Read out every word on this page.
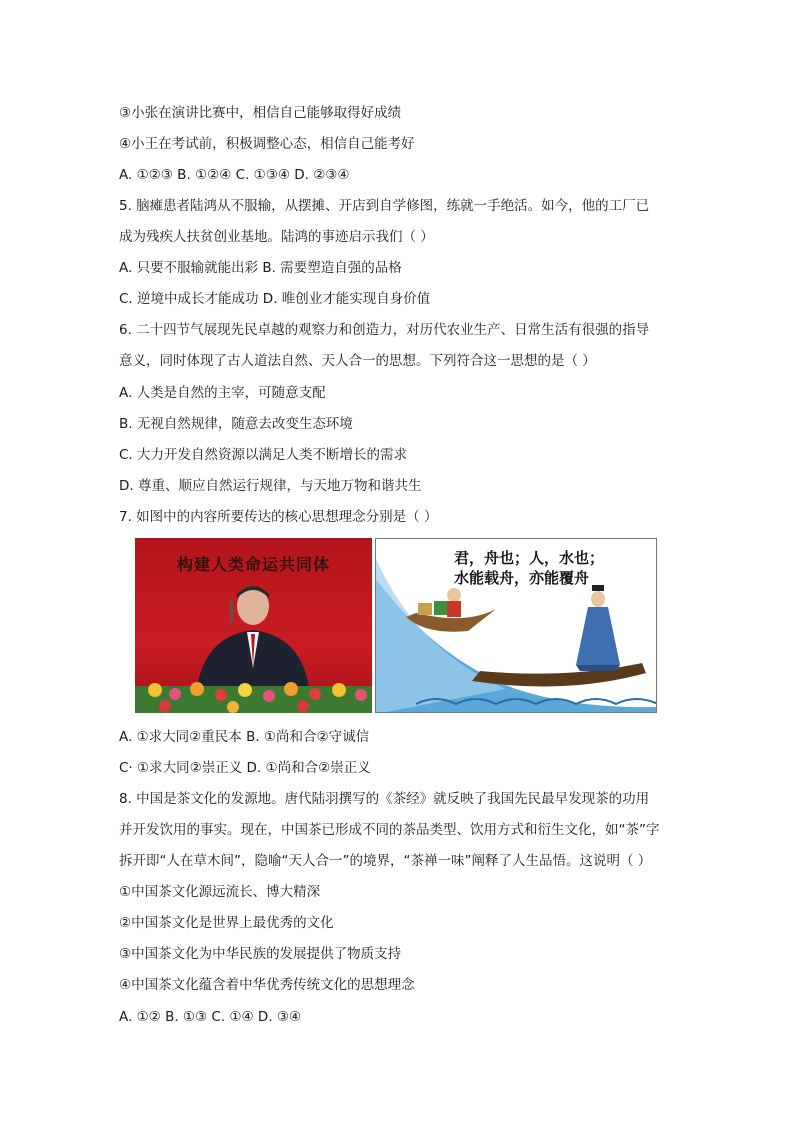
③小张在演讲比赛中，相信自己能够取得好成绩
④小王在考试前，积极调整心态，相信自己能考好
A. ①②③ B. ①②④ C. ①③④ D. ②③④
5. 脑瘫患者陆鸿从不服输，从摆摊、开店到自学修图，练就一手绝活。如今，他的工厂已
成为残疾人扶贫创业基地。陆鸿的事迹启示我们（ ）
A. 只要不服输就能出彩 B. 需要塑造自强的品格
C. 逆境中成长才能成功 D. 唯创业才能实现自身价值
6. 二十四节气展现先民卓越的观察力和创造力，对历代农业生产、日常生活有很强的指导
意义，同时体现了古人道法自然、天人合一的思想。下列符合这一思想的是（ ）
A. 人类是自然的主宰，可随意支配
B. 无视自然规律，随意去改变生态环境
C. 大力开发自然资源以满足人类不断增长的需求
D. 尊重、顺应自然运行规律，与天地万物和谐共生
7. 如图中的内容所要传达的核心思想理念分别是（ ）
构建人类命运共同体	君，舟也；人，水也；
水能载舟，亦能覆舟
A. ①求大同②重民本 B. ①尚和合②守诚信
C· ①求大同②崇正义 D. ①尚和合②崇正义
8. 中国是茶文化的发源地。唐代陆羽撰写的《茶经》就反映了我国先民最早发现茶的功用
并开发饮用的事实。现在，中国茶已形成不同的茶品类型、饮用方式和衍生文化，如“茶”字
拆开即“人在草木间”，隐喻“天人合一”的境界，“茶禅一味”阐释了人生品悟。这说明（ ）
①中国茶文化源远流长、博大精深
②中国茶文化是世界上最优秀的文化
③中国茶文化为中华民族的发展提供了物质支持
④中国茶文化蕴含着中华优秀传统文化的思想理念
A. ①② B. ①③ C. ①④ D. ③④
